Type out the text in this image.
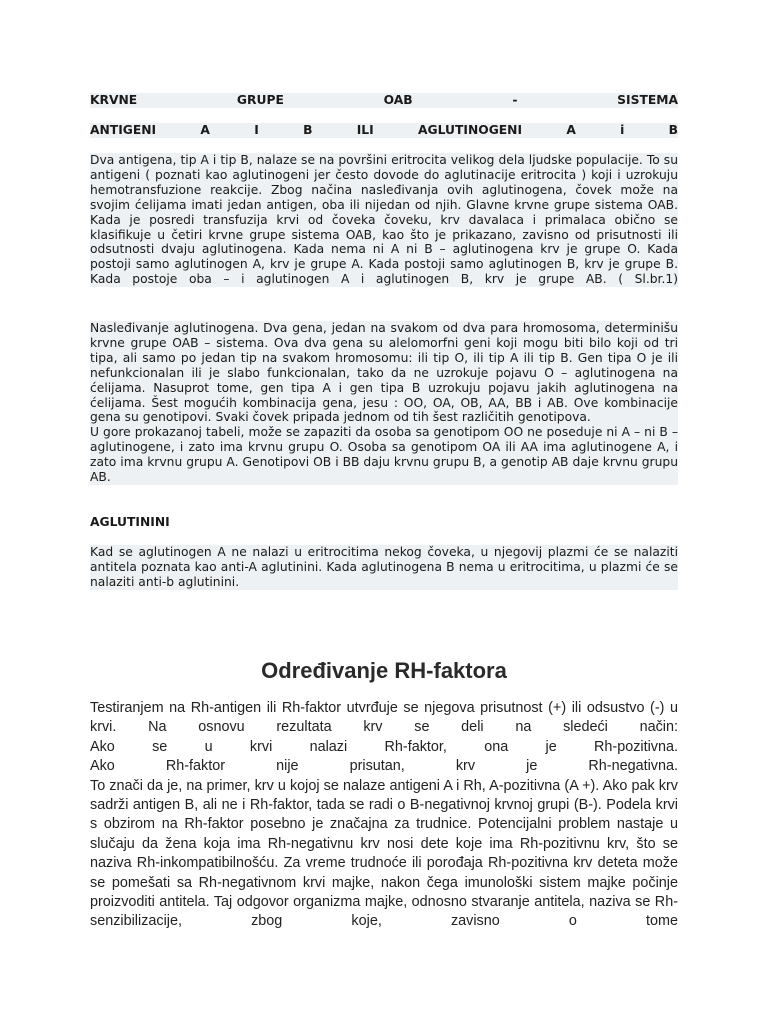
KRVNE GRUPE OAB - SISTEMA
ANTIGENI A I B ILI AGLUTINOGENI A i B

Dva antigena, tip A i tip B, nalaze se na površini eritrocita velikog dela ljudske populacije. To su antigeni ( poznati kao aglutinogeni jer često dovode do aglutinacije eritrocita ) koji i uzrokuju hemotransfuzione reakcije. Zbog načina nasleđivanja ovih aglutinogena, čovek može na svojim ćelijama imati jedan antigen, oba ili nijedan od njih. Glavne krvne grupe sistema OAB. Kada je posredi transfuzija krvi od čoveka čoveku, krv davalaca i primalaca obično se klasifikuje u četiri krvne grupe sistema OAB, kao što je prikazano, zavisno od prisutnosti ili odsutnosti dvaju aglutinogena. Kada nema ni A ni B – aglutinogena krv je grupe O. Kada postoji samo aglutinogen A, krv je grupe A. Kada postoji samo aglutinogen B, krv je grupe B. Kada postoje oba – i aglutinogen A i aglutinogen B, krv je grupe AB. ( Sl.br.1)

Nasleđivanje aglutinogena. Dva gena, jedan na svakom od dva para hromosoma, determinišu krvne grupe OAB – sistema. Ova dva gena su alelomorfni geni koji mogu biti bilo koji od tri tipa, ali samo po jedan tip na svakom hromosomu: ili tip O, ili tip A ili tip B. Gen tipa O je ili nefunkcionalan ili je slabo funkcionalan, tako da ne uzrokuje pojavu O – aglutinogena na ćelijama. Nasuprot tome, gen tipa A i gen tipa B uzrokuju pojavu jakih aglutinogena na ćelijama. Šest mogućih kombinacija gena, jesu : OO, OA, OB, AA, BB i AB. Ove kombinacije gena su genotipovi. Svaki čovek pripada jednom od tih šest različitih genotipova.

U gore prokazanoj tabeli, može se zapaziti da osoba sa genotipom OO ne poseduje ni A – ni B – aglutinogene, i zato ima krvnu grupu O. Osoba sa genotipom OA ili AA ima aglutinogene A, i zato ima krvnu grupu A. Genotipovi OB i BB daju krvnu grupu B, a genotip AB daje krvnu grupu AB.

AGLUTININI

Kad se aglutinogen A ne nalazi u eritrocitima nekog čoveka, u njegovij plazmi će se nalaziti antitela poznata kao anti-A aglutinini. Kada aglutinogena B nema u eritrocitima, u plazmi će se nalaziti anti-b aglutinini.

Određivanje RH-faktora
Testiranjem na Rh-antigen ili Rh-faktor utvrđuje se njegova prisutnost (+) ili odsustvo (-) u krvi. Na osnovu rezultata krv se deli na sledeći način:
Ako se u krvi nalazi Rh-faktor, ona je Rh-pozitivna.
Ako Rh-faktor nije prisutan, krv je Rh-negativna.

To znači da je, na primer, krv u kojoj se nalaze antigeni A i Rh, A-pozitivna (A +). Ako pak krv sadrži antigen B, ali ne i Rh-faktor, tada se radi o B-negativnoj krvnoj grupi (B-). Podela krvi s obzirom na Rh-faktor posebno je značajna za trudnice. Potencijalni problem nastaje u slučaju da žena koja ima Rh-negativnu krv nosi dete koje ima Rh-pozitivnu krv, što se naziva Rh-inkompatibilnošću. Za vreme trudnoće ili porođaja Rh-pozitivna krv deteta može se pomešati sa Rh-negativnom krvi majke, nakon čega imunološki sistem majke počinje proizvoditi antitela. Taj odgovor organizma majke, odnosno stvaranje antitela, naziva se Rh-senzibilizacije, zbog koje, zavisno o tome
